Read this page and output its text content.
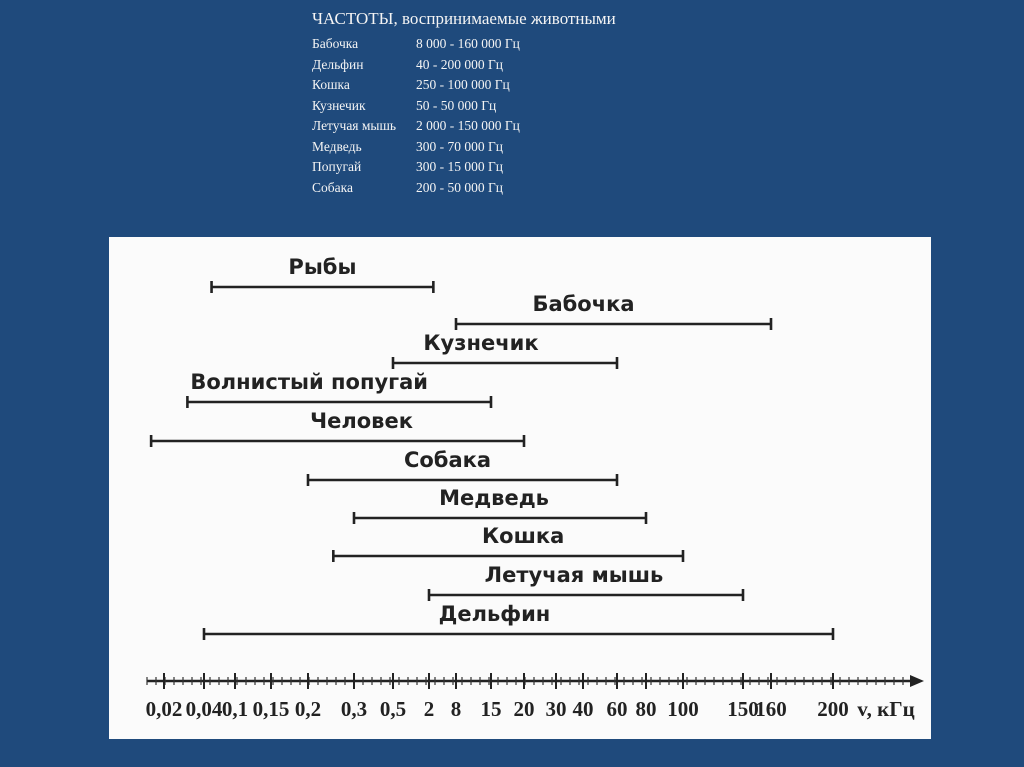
ЧАСТОТЫ, воспринимаемые животными
Бабочка	8 000 - 160 000 Гц
Дельфин	40 - 200 000 Гц
Кошка	250 - 100 000 Гц
Кузнечик	50 - 50 000 Гц
Летучая мышь	2 000 - 150 000 Гц
Медведь	300 - 70 000 Гц
Попугай	300 - 15 000 Гц
Собака	200 - 50 000 Гц
0,02 0,04 0,1 0,15 0,2 0,3 0,5 2 8 15 20 30 40 60 80 100 150
160 200 v, кГц
Рыбы
Бабочка
Кузнечик
Волнистый попугай
Человек
Собака
Медведь
Кошка
Летучая мышь
Дельфин
